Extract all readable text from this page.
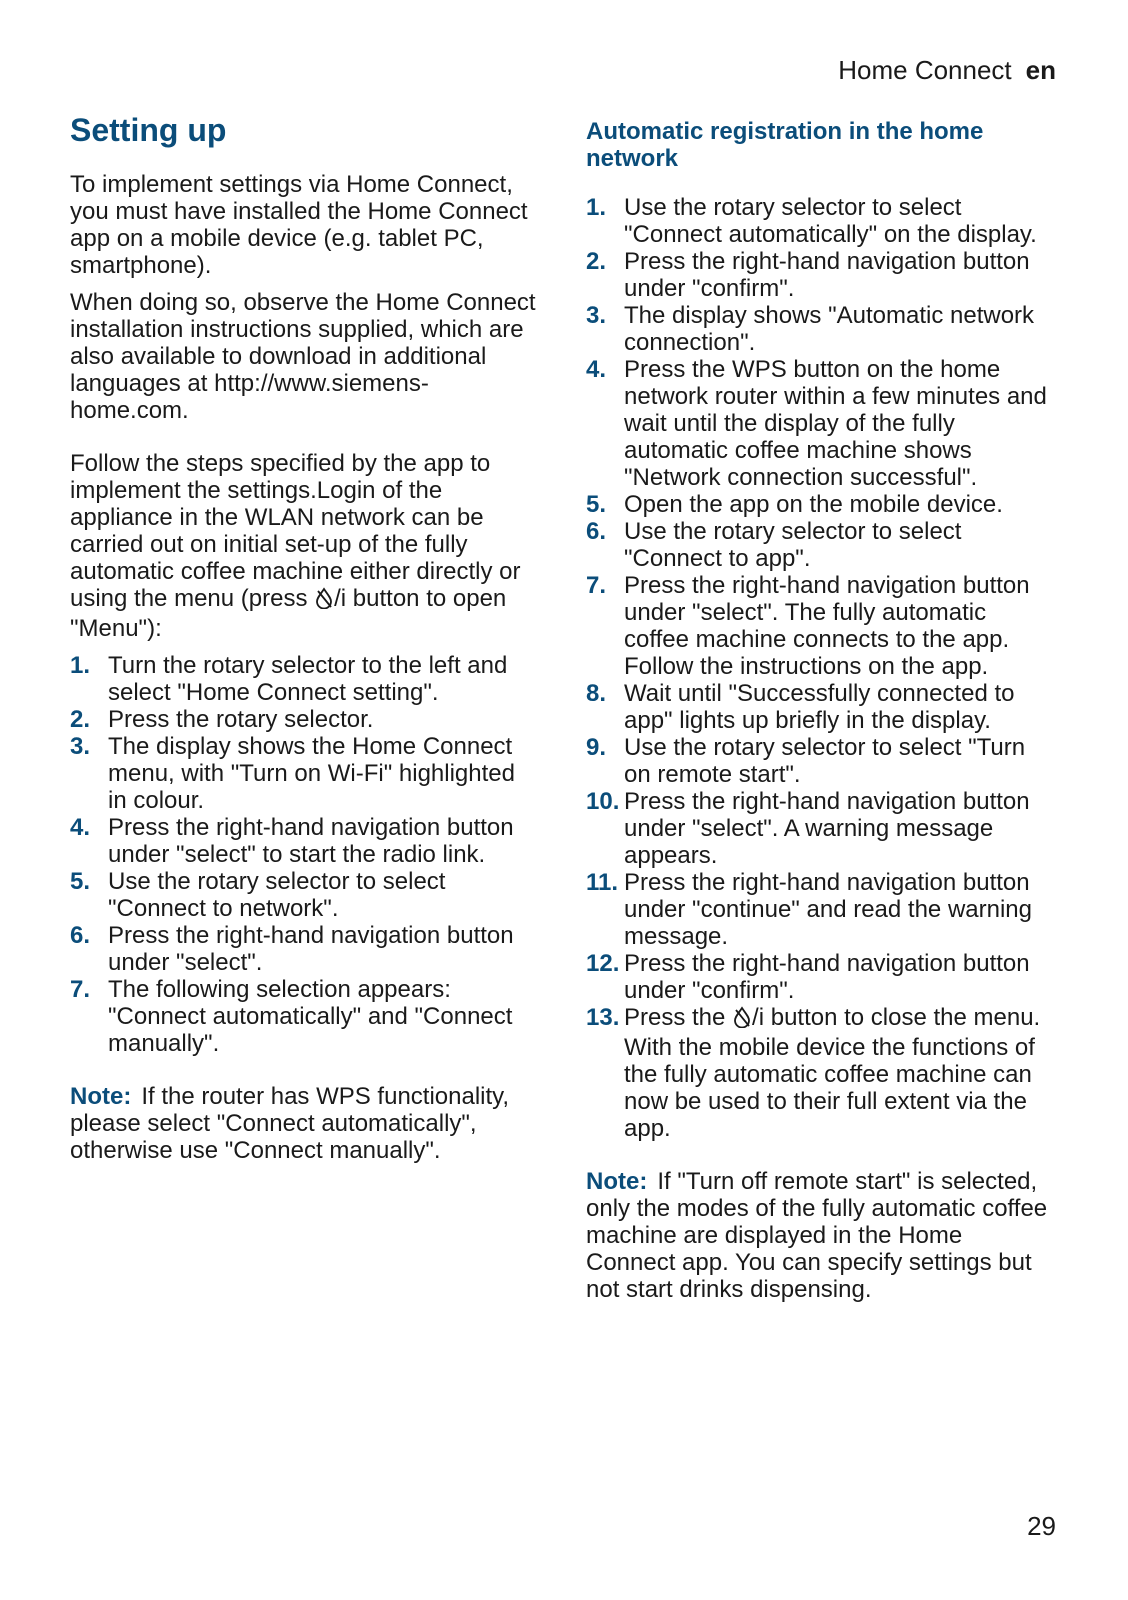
Home Connect en
Setting up

To implement settings via Home Connect, you must have installed the Home Connect app on a mobile device (e.g. tablet PC, smartphone).

When doing so, observe the Home Connect installation instructions supplied, which are also available to download in additional languages at http://www.siemens-home.com.

Follow the steps specified by the app to implement the settings.Login of the appliance in the WLAN network can be carried out on initial set-up of the fully automatic coffee machine either directly or using the menu (press /i button to open "Menu"):

1. Turn the rotary selector to the left and select "Home Connect setting".
2. Press the rotary selector.
3. The display shows the Home Connect menu, with "Turn on Wi-Fi" highlighted in colour.
4. Press the right-hand navigation button under "select" to start the radio link.
5. Use the rotary selector to select "Connect to network".
6. Press the right-hand navigation button under "select".
7. The following selection appears: "Connect automatically" and "Connect manually".

Note: If the router has WPS functionality, please select "Connect automatically", otherwise use "Connect manually".

Automatic registration in the home network
1. Use the rotary selector to select "Connect automatically" on the display.
2. Press the right-hand navigation button under "confirm".
3. The display shows "Automatic network connection".
4. Press the WPS button on the home network router within a few minutes and wait until the display of the fully automatic coffee machine shows "Network connection successful".
5. Open the app on the mobile device.
6. Use the rotary selector to select "Connect to app".
7. Press the right-hand navigation button under "select". The fully automatic coffee machine connects to the app. Follow the instructions on the app.
8. Wait until "Successfully connected to app" lights up briefly in the display.
9. Use the rotary selector to select "Turn on remote start".
10. Press the right-hand navigation button under "select". A warning message appears.
11. Press the right-hand navigation button under "continue" and read the warning message.
12. Press the right-hand navigation button under "confirm".
13. Press the /i button to close the menu. With the mobile device the functions of the fully automatic coffee machine can now be used to their full extent via the app.

Note: If "Turn off remote start" is selected, only the modes of the fully automatic coffee machine are displayed in the Home Connect app. You can specify settings but not start drinks dispensing.

29
